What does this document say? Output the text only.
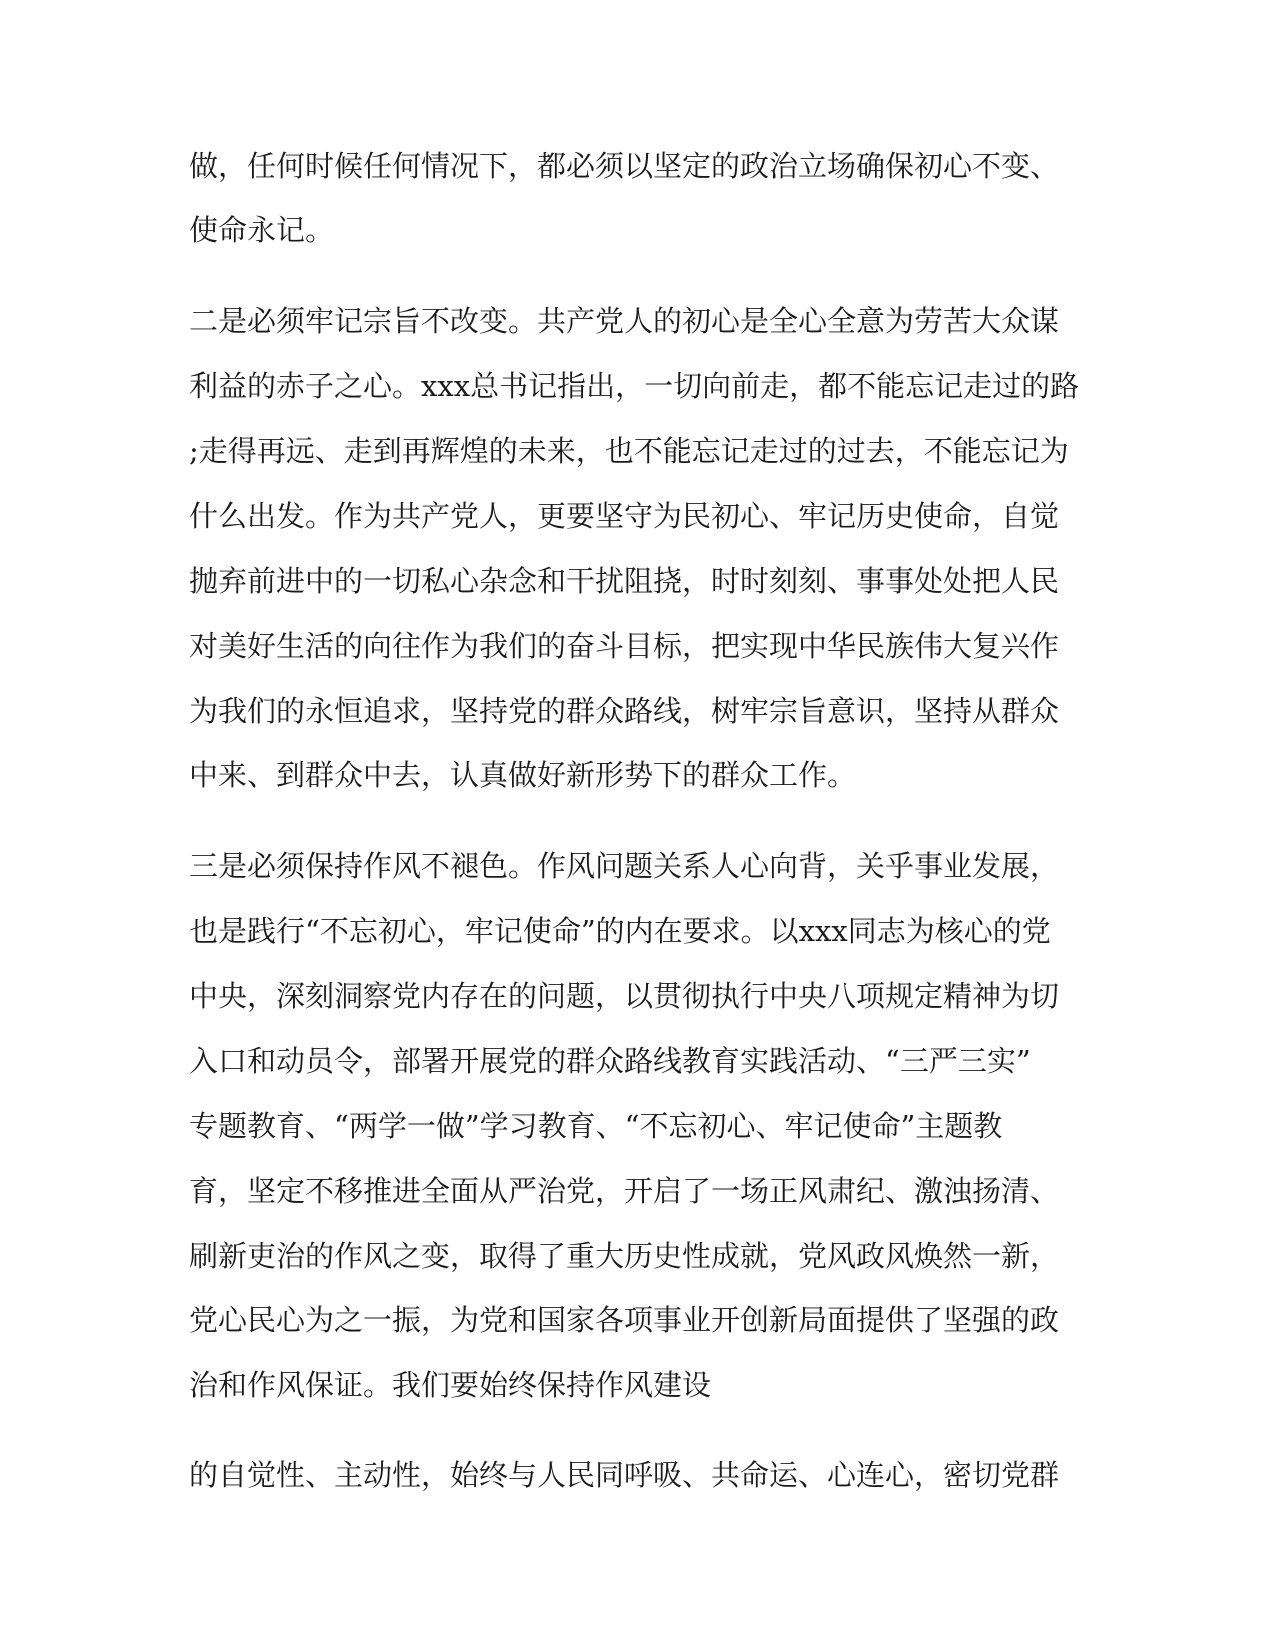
做，任何时候任何情况下，都必须以坚定的政治立场确保初心不变、

使命永记。

二是必须牢记宗旨不改变。共产党人的初心是全心全意为劳苦大众谋

利益的赤子之心。xxx总书记指出，一切向前走，都不能忘记走过的路

;走得再远、走到再辉煌的未来，也不能忘记走过的过去，不能忘记为

什么出发。作为共产党人，更要坚守为民初心、牢记历史使命，自觉

抛弃前进中的一切私心杂念和干扰阻挠，时时刻刻、事事处处把人民

对美好生活的向往作为我们的奋斗目标，把实现中华民族伟大复兴作

为我们的永恒追求，坚持党的群众路线，树牢宗旨意识，坚持从群众

中来、到群众中去，认真做好新形势下的群众工作。

三是必须保持作风不褪色。作风问题关系人心向背，关乎事业发展，

也是践行“不忘初心，牢记使命”的内在要求。以xxx同志为核心的党

中央，深刻洞察党内存在的问题，以贯彻执行中央八项规定精神为切

入口和动员令，部署开展党的群众路线教育实践活动、“三严三实”

专题教育、“两学一做”学习教育、“不忘初心、牢记使命”主题教

育，坚定不移推进全面从严治党，开启了一场正风肃纪、激浊扬清、

刷新吏治的作风之变，取得了重大历史性成就，党风政风焕然一新，

党心民心为之一振，为党和国家各项事业开创新局面提供了坚强的政

治和作风保证。我们要始终保持作风建设

的自觉性、主动性，始终与人民同呼吸、共命运、心连心，密切党群
